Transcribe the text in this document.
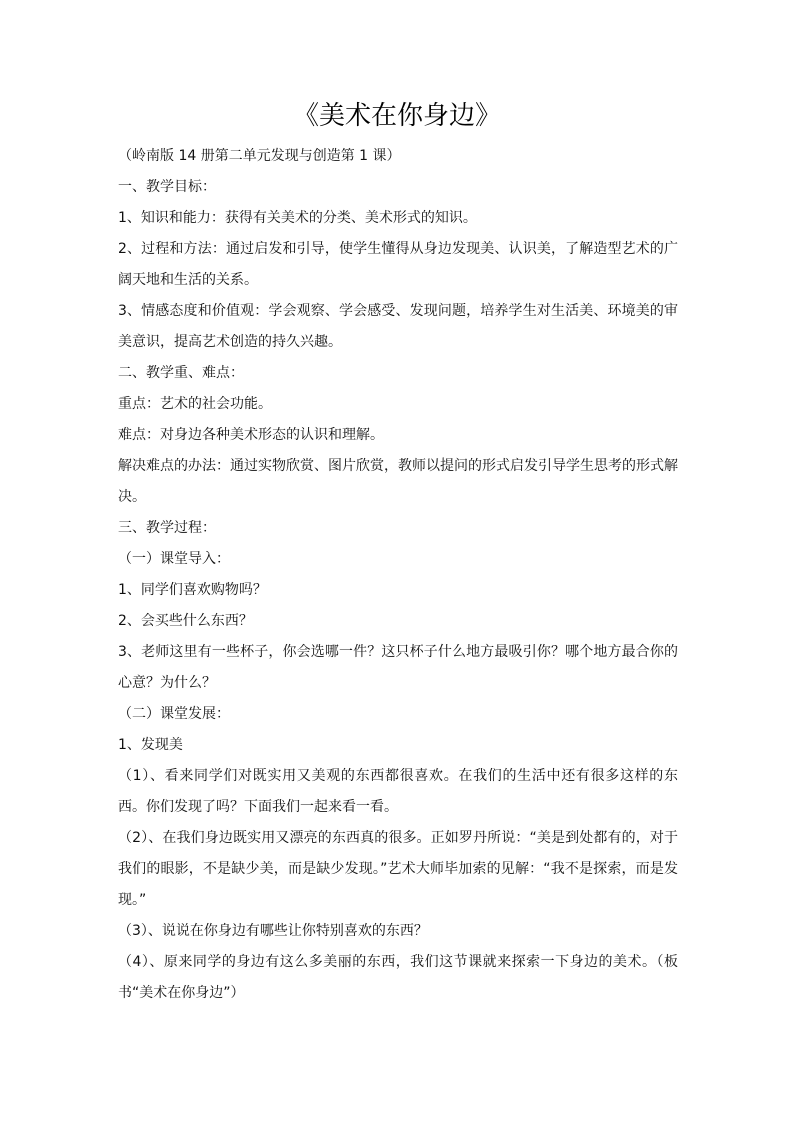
《美术在你身边》

（岭南版 14 册第二单元发现与创造第 1 课）

一、教学目标：

1、知识和能力：获得有关美术的分类、美术形式的知识。

2、过程和方法：通过启发和引导，使学生懂得从身边发现美、认识美，了解造型艺术的广阔天地和生活的关系。

3、情感态度和价值观：学会观察、学会感受、发现问题，培养学生对生活美、环境美的审美意识，提高艺术创造的持久兴趣。

二、教学重、难点：

重点：艺术的社会功能。

难点：对身边各种美术形态的认识和理解。

解决难点的办法：通过实物欣赏、图片欣赏，教师以提问的形式启发引导学生思考的形式解决。

三、教学过程：

（一）课堂导入：

1、同学们喜欢购物吗？

2、会买些什么东西？

3、老师这里有一些杯子，你会选哪一件？这只杯子什么地方最吸引你？哪个地方最合你的心意？为什么？

（二）课堂发展：

1、发现美

（1）、看来同学们对既实用又美观的东西都很喜欢。在我们的生活中还有很多这样的东西。你们发现了吗？下面我们一起来看一看。

（2）、在我们身边既实用又漂亮的东西真的很多。正如罗丹所说：“美是到处都有的，对于我们的眼影，不是缺少美，而是缺少发现。”艺术大师毕加索的见解：“我不是探索，而是发现。”

（3）、说说在你身边有哪些让你特别喜欢的东西？

（4）、原来同学的身边有这么多美丽的东西，我们这节课就来探索一下身边的美术。（板书“美术在你身边”）
